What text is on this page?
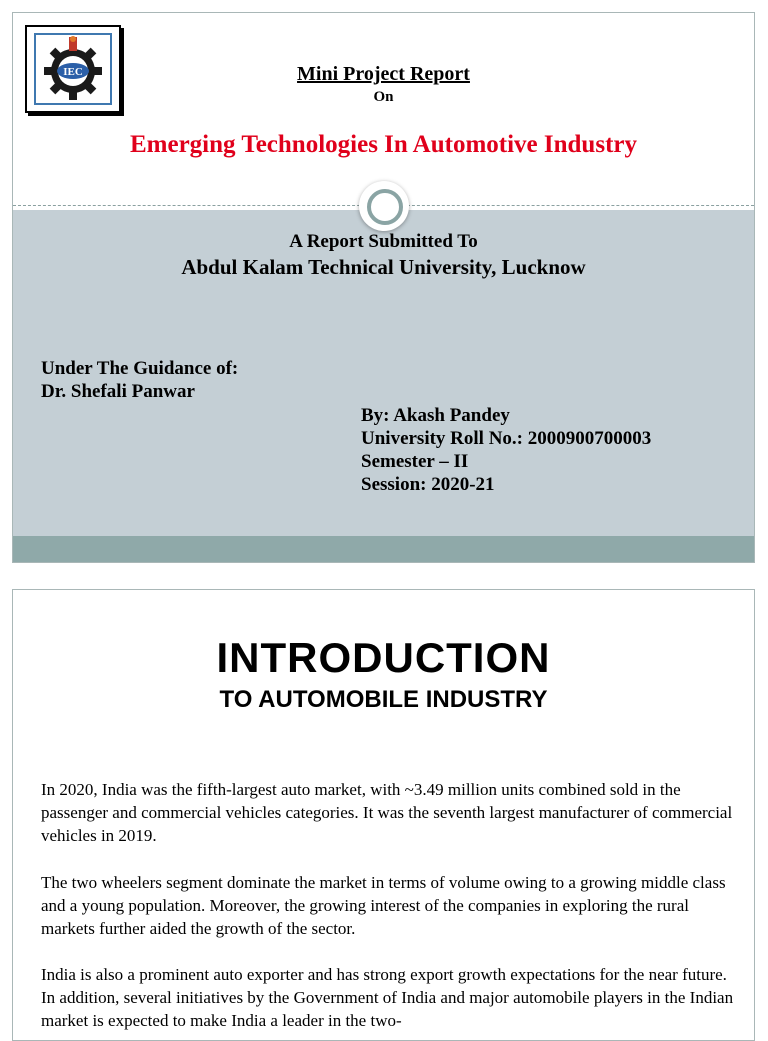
IEC	Mini Project Report
On
Emerging Technologies In Automotive Industry
A Report Submitted To
Abdul Kalam Technical University, Lucknow
Under The Guidance of:
Dr. Shefali Panwar
By: Akash Pandey
University Roll No.: 2000900700003
Semester – II
Session: 2020-21
INTRODUCTION
TO AUTOMOBILE INDUSTRY
In 2020, India was the fifth-largest auto market, with ~3.49 million units combined sold in the passenger and commercial vehicles categories. It was the seventh largest manufacturer of commercial vehicles in 2019.
The two wheelers segment dominate the market in terms of volume owing to a growing middle class and a young population. Moreover, the growing interest of the companies in exploring the rural markets further aided the growth of the sector.
India is also a prominent auto exporter and has strong export growth expectations for the near future. In addition, several initiatives by the Government of India and major automobile players in the Indian market is expected to make India a leader in the two-
